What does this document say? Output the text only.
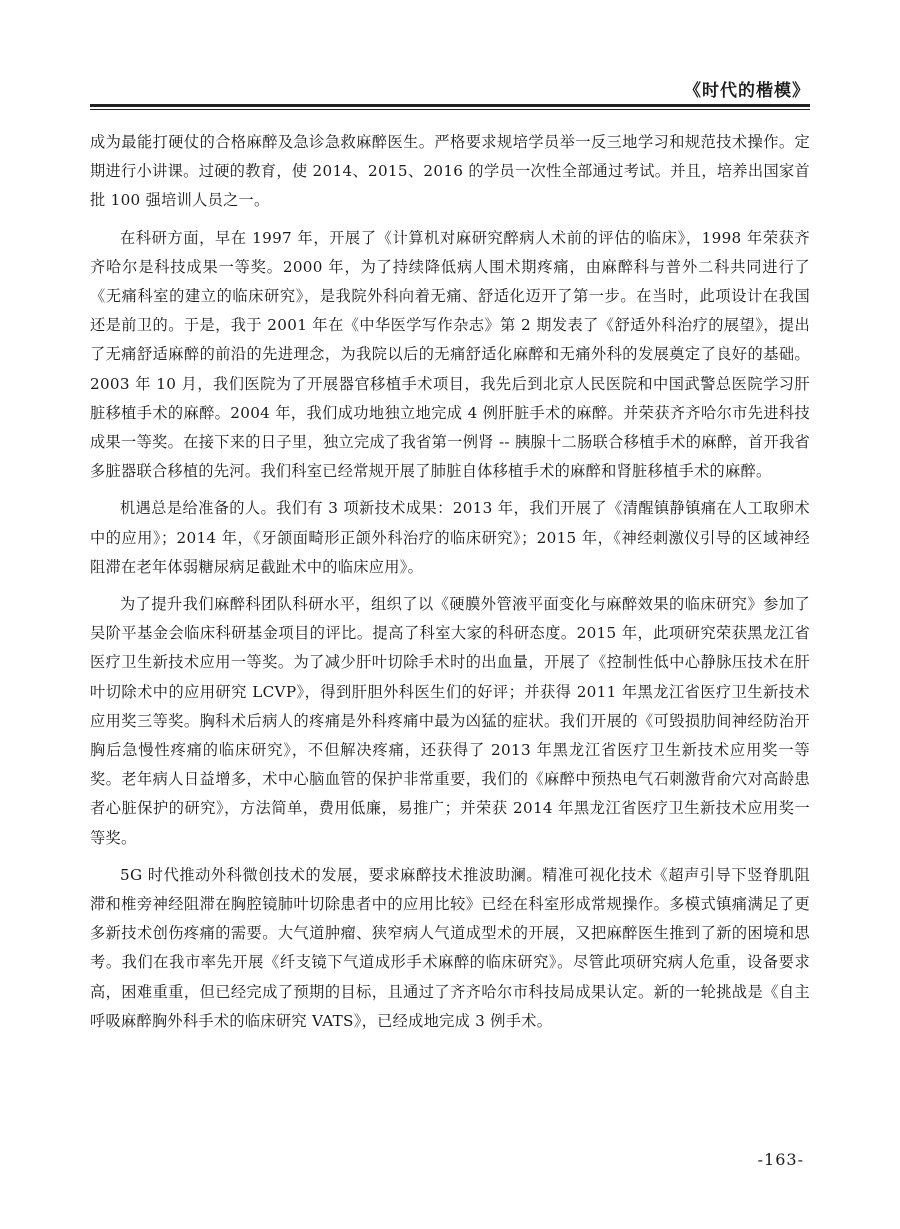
《时代的楷模》

成为最能打硬仗的合格麻醉及急诊急救麻醉医生。严格要求规培学员举一反三地学习和规范技术操作。定期进行小讲课。过硬的教育，使 2014、2015、2016 的学员一次性全部通过考试。并且，培养出国家首批 100 强培训人员之一。

在科研方面，早在 1997 年，开展了《计算机对麻研究醉病人术前的评估的临床》，1998 年荣获齐齐哈尔是科技成果一等奖。2000 年，为了持续降低病人围术期疼痛，由麻醉科与普外二科共同进行了《无痛科室的建立的临床研究》，是我院外科向着无痛、舒适化迈开了第一步。在当时，此项设计在我国还是前卫的。于是，我于 2001 年在《中华医学写作杂志》第 2 期发表了《舒适外科治疗的展望》，提出了无痛舒适麻醉的前沿的先进理念，为我院以后的无痛舒适化麻醉和无痛外科的发展奠定了良好的基础。2003 年 10 月，我们医院为了开展器官移植手术项目，我先后到北京人民医院和中国武警总医院学习肝脏移植手术的麻醉。2004 年，我们成功地独立地完成 4 例肝脏手术的麻醉。并荣获齐齐哈尔市先进科技成果一等奖。在接下来的日子里，独立完成了我省第一例肾 -- 胰腺十二肠联合移植手术的麻醉，首开我省多脏器联合移植的先河。我们科室已经常规开展了肺脏自体移植手术的麻醉和肾脏移植手术的麻醉。

机遇总是给准备的人。我们有 3 项新技术成果：2013 年，我们开展了《清醒镇静镇痛在人工取卵术中的应用》；2014 年，《牙颌面畸形正颌外科治疗的临床研究》；2015 年，《神经刺激仪引导的区域神经阻滞在老年体弱糖尿病足截趾术中的临床应用》。

为了提升我们麻醉科团队科研水平，组织了以《硬膜外管液平面变化与麻醉效果的临床研究》参加了吴阶平基金会临床科研基金项目的评比。提高了科室大家的科研态度。2015 年，此项研究荣获黑龙江省医疗卫生新技术应用一等奖。为了减少肝叶切除手术时的出血量，开展了《控制性低中心静脉压技术在肝叶切除术中的应用研究 LCVP》，得到肝胆外科医生们的好评；并获得 2011 年黑龙江省医疗卫生新技术应用奖三等奖。胸科术后病人的疼痛是外科疼痛中最为凶猛的症状。我们开展的《可毁损肋间神经防治开胸后急慢性疼痛的临床研究》，不但解决疼痛，还获得了 2013 年黑龙江省医疗卫生新技术应用奖一等奖。老年病人日益增多，术中心脑血管的保护非常重要，我们的《麻醉中预热电气石刺激背俞穴对高龄患者心脏保护的研究》，方法简单，费用低廉，易推广；并荣获 2014 年黑龙江省医疗卫生新技术应用奖一等奖。

5G 时代推动外科微创技术的发展，要求麻醉技术推波助澜。精准可视化技术《超声引导下竖脊肌阻滞和椎旁神经阻滞在胸腔镜肺叶切除患者中的应用比较》已经在科室形成常规操作。多模式镇痛满足了更多新技术创伤疼痛的需要。大气道肿瘤、狭窄病人气道成型术的开展，又把麻醉医生推到了新的困境和思考。我们在我市率先开展《纤支镜下气道成形手术麻醉的临床研究》。尽管此项研究病人危重，设备要求高，困难重重，但已经完成了预期的目标，且通过了齐齐哈尔市科技局成果认定。新的一轮挑战是《自主呼吸麻醉胸外科手术的临床研究 VATS》，已经成地完成 3 例手术。

-163-
